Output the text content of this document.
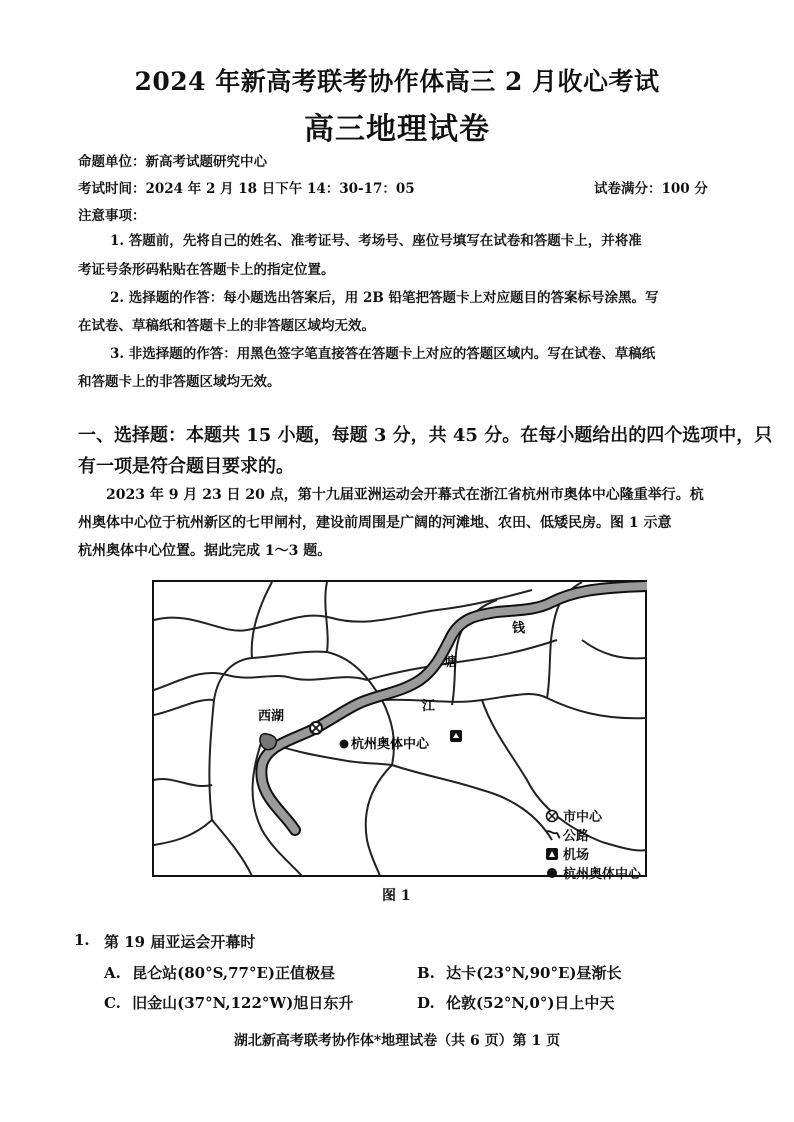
2024 年新高考联考协作体高三 2 月收心考试
高三地理试卷
命题单位：新高考试题研究中心
考试时间：2024 年 2 月 18 日下午 14：30-17：05	试卷满分：100 分
注意事项：
1. 答题前，先将自己的姓名、准考证号、考场号、座位号填写在试卷和答题卡上，并将准
考证号条形码粘贴在答题卡上的指定位置。
2. 选择题的作答：每小题选出答案后，用 2B 铅笔把答题卡上对应题目的答案标号涂黑。写
在试卷、草稿纸和答题卡上的非答题区域均无效。
3. 非选择题的作答：用黑色签字笔直接答在答题卡上对应的答题区域内。写在试卷、草稿纸
和答题卡上的非答题区域均无效。
一、选择题：本题共 15 小题，每题 3 分，共 45 分。在每小题给出的四个选项中，只
有一项是符合题目要求的。
2023 年 9 月 23 日 20 点，第十九届亚洲运动会开幕式在浙江省杭州市奥体中心隆重举行。杭
州奥体中心位于杭州新区的七甲闸村，建设前周围是广阔的河滩地、农田、低矮民房。图 1 示意
杭州奥体中心位置。据此完成 1～3 题。
西湖
杭州奥体中心
钱
塘
江
市中心
公路
机场
杭州奥体中心
图 1
1. 第 19 届亚运会开幕时
A. 昆仑站(80°S,77°E)正值极昼	B. 达卡(23°N,90°E)昼渐长
C. 旧金山(37°N,122°W)旭日东升	D. 伦敦(52°N,0°)日上中天
湖北新高考联考协作体*地理试卷（共 6 页）第 1 页
